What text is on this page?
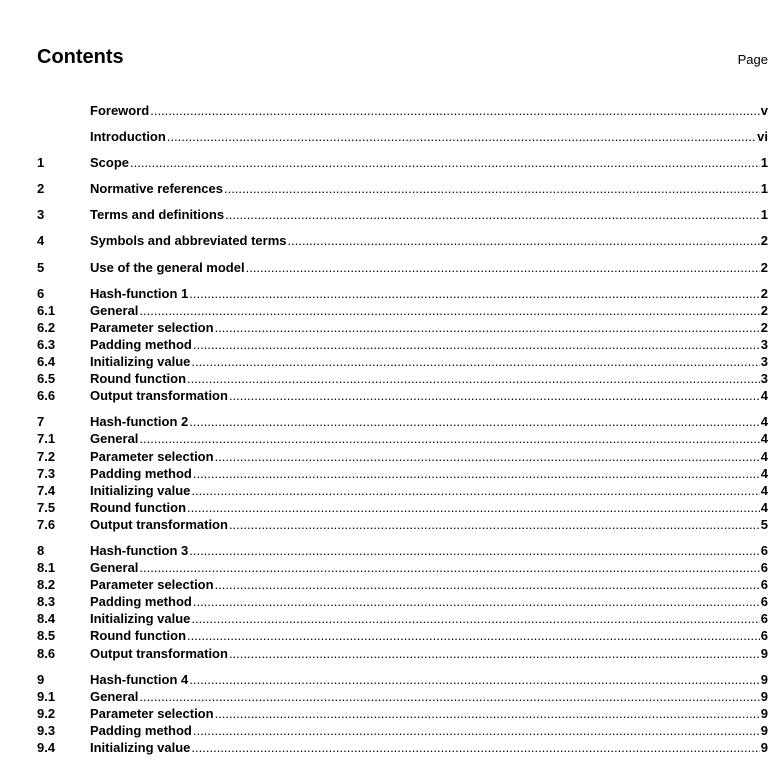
Contents	Page
Foreword .....	v
Introduction .....	vi
1	Scope .....	1
2	Normative references .....	1
3	Terms and definitions .....	1
4	Symbols and abbreviated terms .....	2
5	Use of the general model .....	2
6	Hash-function 1 .....	2
6.1	General .....	2
6.2	Parameter selection .....	2
6.3	Padding method .....	3
6.4	Initializing value .....	3
6.5	Round function .....	3
6.6	Output transformation .....	4
7	Hash-function 2 .....	4
7.1	General .....	4
7.2	Parameter selection .....	4
7.3	Padding method .....	4
7.4	Initializing value .....	4
7.5	Round function .....	4
7.6	Output transformation .....	5
8	Hash-function 3 .....	6
8.1	General .....	6
8.2	Parameter selection .....	6
8.3	Padding method .....	6
8.4	Initializing value .....	6
8.5	Round function .....	6
8.6	Output transformation .....	9
9	Hash-function 4 .....	9
9.1	General .....	9
9.2	Parameter selection .....	9
9.3	Padding method .....	9
9.4	Initializing value .....	9
